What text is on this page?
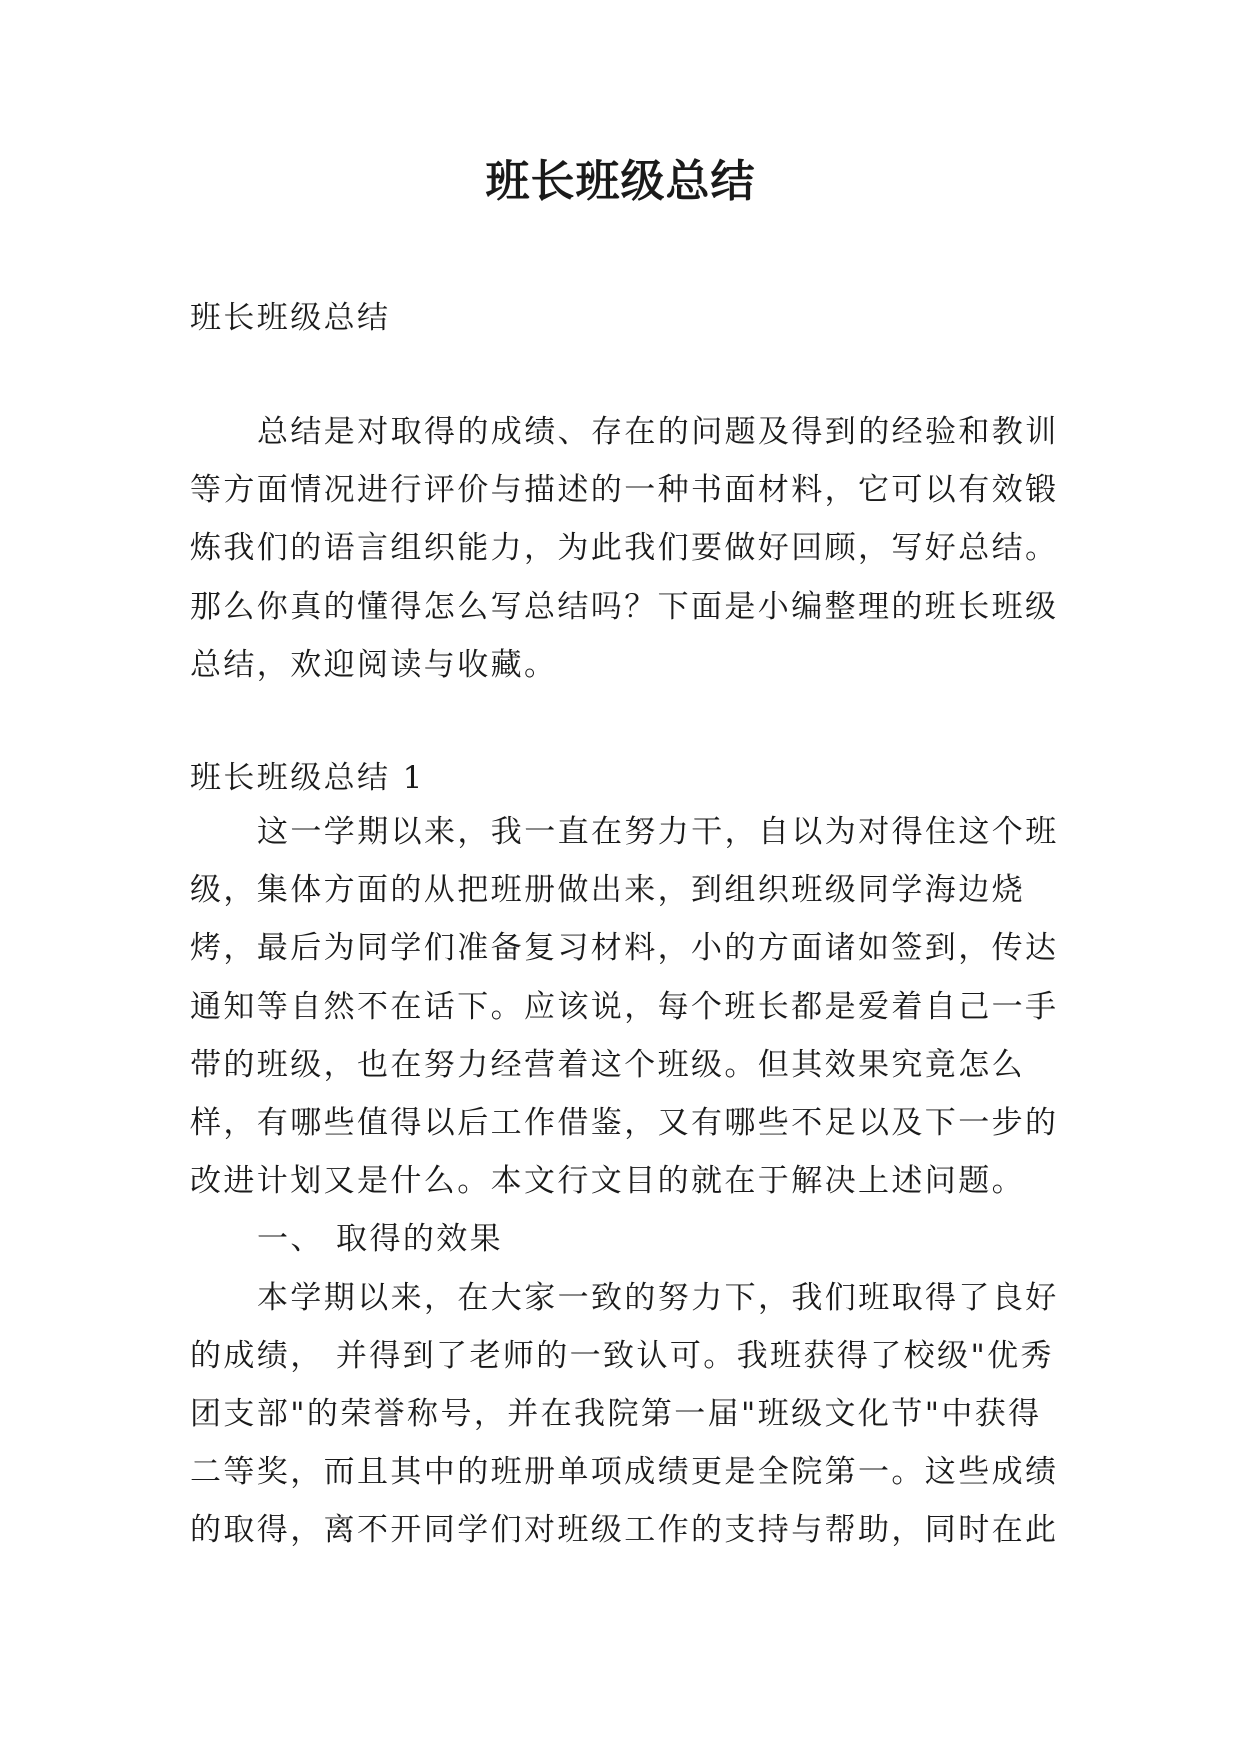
班长班级总结
班长班级总结

总结是对取得的成绩、存在的问题及得到的经验和教训等方面情况进行评价与描述的一种书面材料，它可以有效锻炼我们的语言组织能力，为此我们要做好回顾，写好总结。那么你真的懂得怎么写总结吗？下面是小编整理的班长班级总结，欢迎阅读与收藏。

班长班级总结 1

这一学期以来，我一直在努力干，自以为对得住这个班级，集体方面的从把班册做出来，到组织班级同学海边烧烤，最后为同学们准备复习材料，小的方面诸如签到，传达通知等自然不在话下。应该说，每个班长都是爱着自己一手带的班级，也在努力经营着这个班级。但其效果究竟怎么样，有哪些值得以后工作借鉴，又有哪些不足以及下一步的改进计划又是什么。本文行文目的就在于解决上述问题。

一、 取得的效果

本学期以来，在大家一致的努力下，我们班取得了良好的成绩， 并得到了老师的一致认可。我班获得了校级"优秀团支部"的荣誉称号，并在我院第一届"班级文化节"中获得二等奖，而且其中的班册单项成绩更是全院第一。这些成绩的取得，离不开同学们对班级工作的支持与帮助，同时在此
